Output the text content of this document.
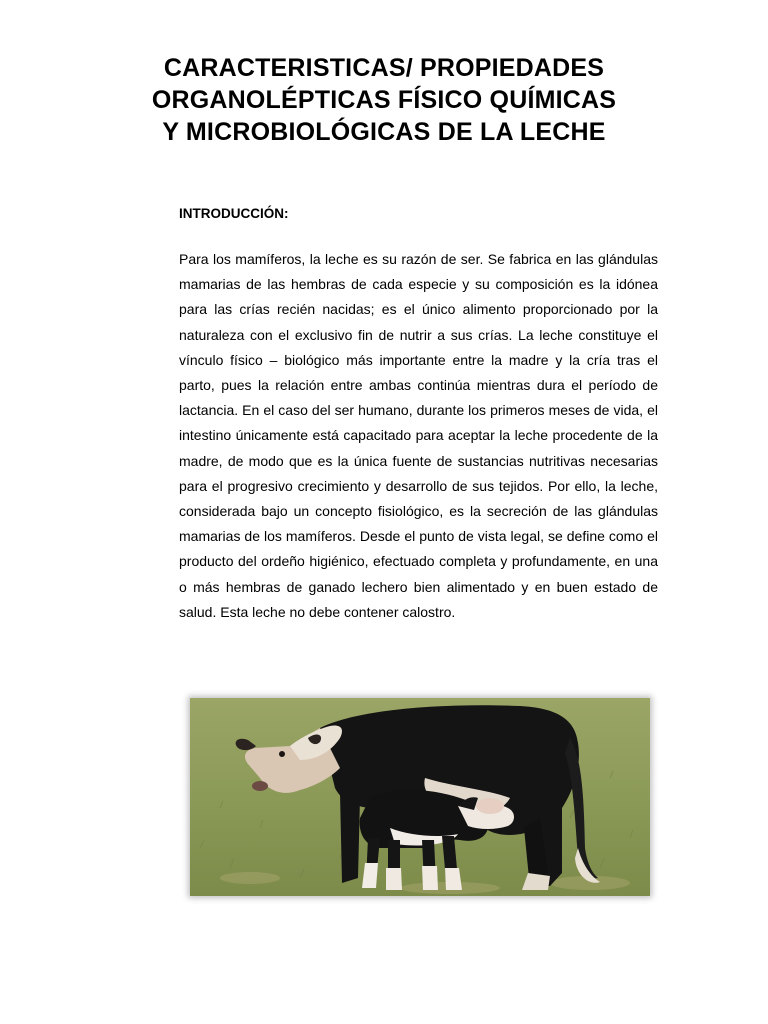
CARACTERISTICAS/ PROPIEDADES
ORGANOLÉPTICAS FÍSICO QUÍMICAS
Y MICROBIOLÓGICAS DE LA LECHE
INTRODUCCIÓN:

Para los mamíferos, la leche es su razón de ser. Se fabrica en las glándulas mamarias de las hembras de cada especie y su composición es la idónea para las crías recién nacidas; es el único alimento proporcionado por la naturaleza con el exclusivo fin de nutrir a sus crías. La leche constituye el vínculo físico – biológico más importante entre la madre y la cría tras el parto, pues la relación entre ambas continúa mientras dura el período de lactancia. En el caso del ser humano, durante los primeros meses de vida, el intestino únicamente está capacitado para aceptar la leche procedente de la madre, de modo que es la única fuente de sustancias nutritivas necesarias para el progresivo crecimiento y desarrollo de sus tejidos. Por ello, la leche, considerada bajo un concepto fisiológico, es la secreción de las glándulas mamarias de los mamíferos. Desde el punto de vista legal, se define como el producto del ordeño higiénico, efectuado completa y profundamente, en una o más hembras de ganado lechero bien alimentado y en buen estado de salud. Esta leche no debe contener calostro.
